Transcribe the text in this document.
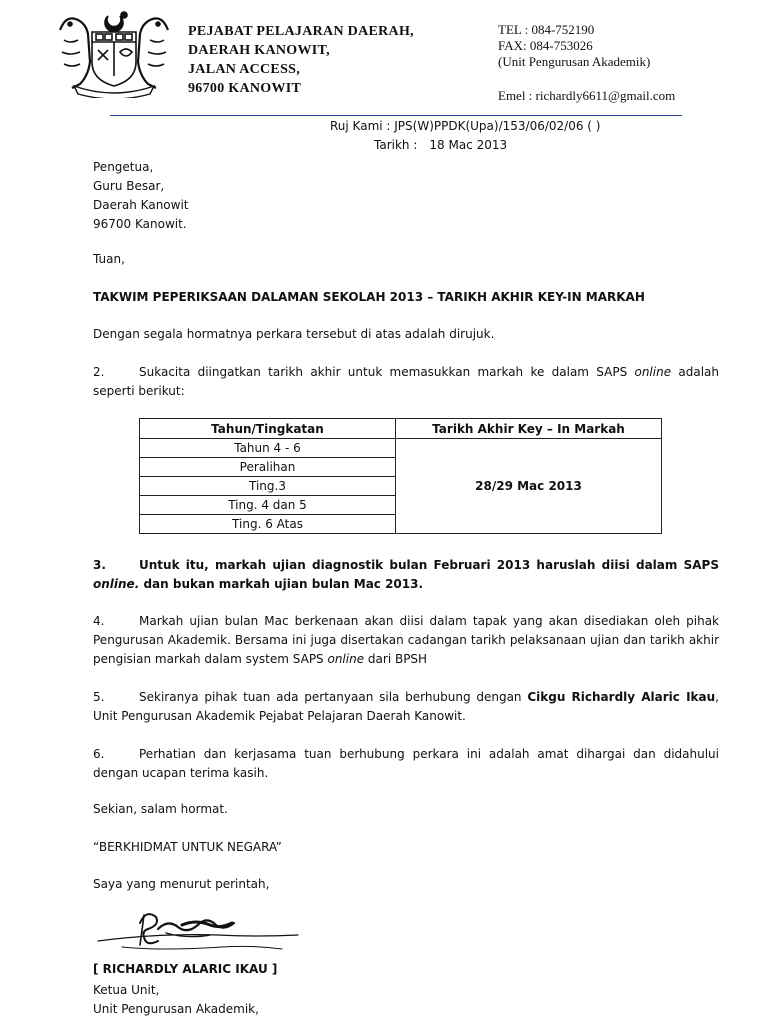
PEJABAT PELAJARAN DAERAH,
DAERAH KANOWIT,
JALAN ACCESS,
96700 KANOWIT
TEL : 084-752190
FAX: 084-753026
(Unit Pengurusan Akademik)
Emel : richardly6611@gmail.com
Ruj Kami : JPS(W)PPDK(Upa)/153/06/02/06 ( )
Tarikh : 18 Mac 2013
Pengetua,
Guru Besar,
Daerah Kanowit
96700 Kanowit.
Tuan,
TAKWIM PEPERIKSAAN DALAMAN SEKOLAH 2013 – TARIKH AKHIR KEY-IN MARKAH
Dengan segala hormatnya perkara tersebut di atas adalah dirujuk.
2.	Sukacita diingatkan tarikh akhir untuk memasukkan markah ke dalam SAPS online adalah seperti berikut:
Tahun/Tingkatan	Tarikh Akhir Key – In Markah
Tahun 4 - 6	28/29 Mac 2013
Peralihan	
Ting.3	
Ting. 4 dan 5	
Ting. 6 Atas	
3.	Untuk itu, markah ujian diagnostik bulan Februari 2013 haruslah diisi dalam SAPS online. dan bukan markah ujian bulan Mac 2013.
4.	Markah ujian bulan Mac berkenaan akan diisi dalam tapak yang akan disediakan oleh pihak Pengurusan Akademik. Bersama ini juga disertakan cadangan tarikh pelaksanaan ujian dan tarikh akhir pengisian markah dalam system SAPS online dari BPSH
5.	Sekiranya pihak tuan ada pertanyaan sila berhubung dengan Cikgu Richardly Alaric Ikau, Unit Pengurusan Akademik Pejabat Pelajaran Daerah Kanowit.
6.	Perhatian dan kerjasama tuan berhubung perkara ini adalah amat dihargai dan didahului dengan ucapan terima kasih.
Sekian, salam hormat.
“BERKHIDMAT UNTUK NEGARA”
Saya yang menurut perintah,
[ RICHARDLY ALARIC IKAU ]
Ketua Unit,
Unit Pengurusan Akademik,
